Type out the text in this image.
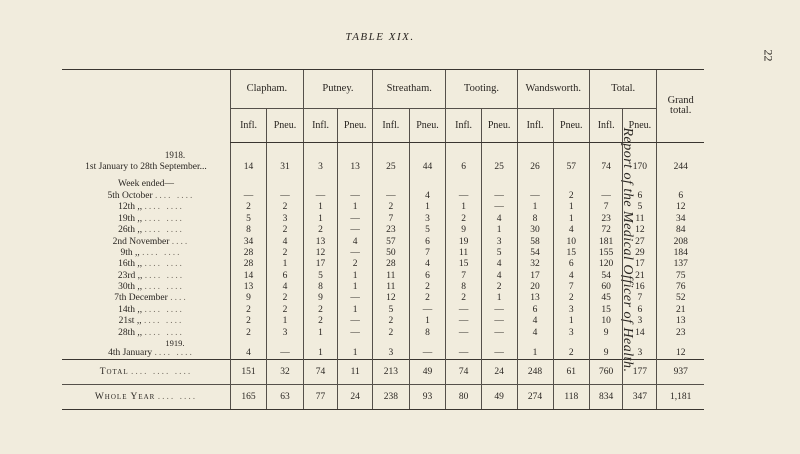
22
Report of the Medical Officer of Health.
TABLE XIX.
	Clapham.		Putney.		Streatham.		Tooting.		Wandsworth.		Total.		Grand total.
	Infl.	Pneu.	Infl.	Pneu.	Infl.	Pneu.	Infl.	Pneu.	Infl.	Pneu.	Infl.	Pneu.	
1918.													
1st January to 28th September...	14	31	3	13	25	44	6	25	26	57	74	170	244
Week ended—													
5th October .... ....	—	—	—	—	—	4	—	—	—	2	—	6	6
12th ,, .... ....	2	2	1	1	2	1	1	—	1	1	7	5	12
19th ,, .... ....	5	3	1	—	7	3	2	4	8	1	23	11	34
26th ,, .... ....	8	2	2	—	23	5	9	1	30	4	72	12	84
2nd November ....	34	4	13	4	57	6	19	3	58	10	181	27	208
9th ,, .... ....	28	2	12	—	50	7	11	5	54	15	155	29	184
16th ,, .... ....	28	1	17	2	28	4	15	4	32	6	120	17	137
23rd ,, .... ....	14	6	5	1	11	6	7	4	17	4	54	21	75
30th ,, .... ....	13	4	8	1	11	2	8	2	20	7	60	16	76
7th December ....	9	2	9	—	12	2	2	1	13	2	45	7	52
14th ,, .... ....	2	2	2	1	5	—	—	—	6	3	15	6	21
21st ,, .... ....	2	1	2	—	2	1	—	—	4	1	10	3	13
28th ,, .... ....	2	3	1	—	2	8	—	—	4	3	9	14	23
1919.													
4th January .... ....	4	—	1	1	3	—	—	—	1	2	9	3	12
Total .... .... ....	151	32	74	11	213	49	74	24	248	61	760	177	937
Whole Year .... ....	165	63	77	24	238	93	80	49	274	118	834	347	1,181
